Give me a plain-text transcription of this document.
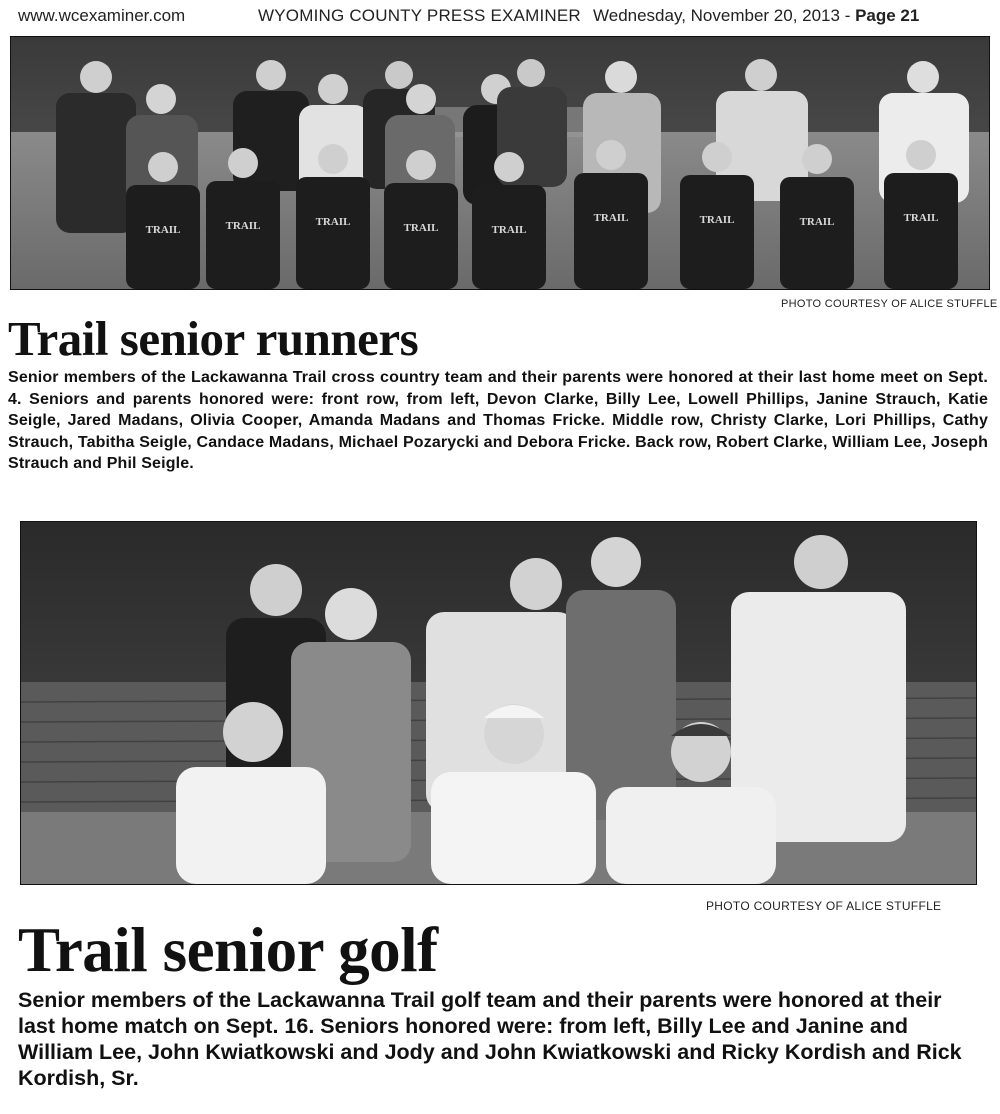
www.wcexaminer.com	WYOMING COUNTY PRESS EXAMINER Wednesday, November 20, 2013 - Page 21
TRAIL	TRAIL	TRAIL	TRAIL	TRAIL
TRAIL	TRAIL	TRAIL	TRAIL
PHOTO COURTESY OF ALICE STUFFLE
Trail senior runners

Senior members of the Lackawanna Trail cross country team and their parents were honored at their last home meet on Sept. 4. Seniors and parents honored were: front row, from left, Devon Clarke, Billy Lee, Lowell Phillips, Janine Strauch, Katie Seigle, Jared Madans, Olivia Cooper, Amanda Madans and Thomas Fricke. Middle row, Christy Clarke, Lori Phillips, Cathy Strauch, Tabitha Seigle, Candace Madans, Michael Pozarycki and Debora Fricke. Back row, Robert Clarke, William Lee, Joseph Strauch and Phil Seigle.

PHOTO COURTESY OF ALICE STUFFLE
Trail senior golf

Senior members of the Lackawanna Trail golf team and their parents were honored at their last home match on Sept. 16. Seniors honored were: from left, Billy Lee and Janine and William Lee, John Kwiatkowski and Jody and John Kwiatkowski and Ricky Kordish and Rick Kordish, Sr.
